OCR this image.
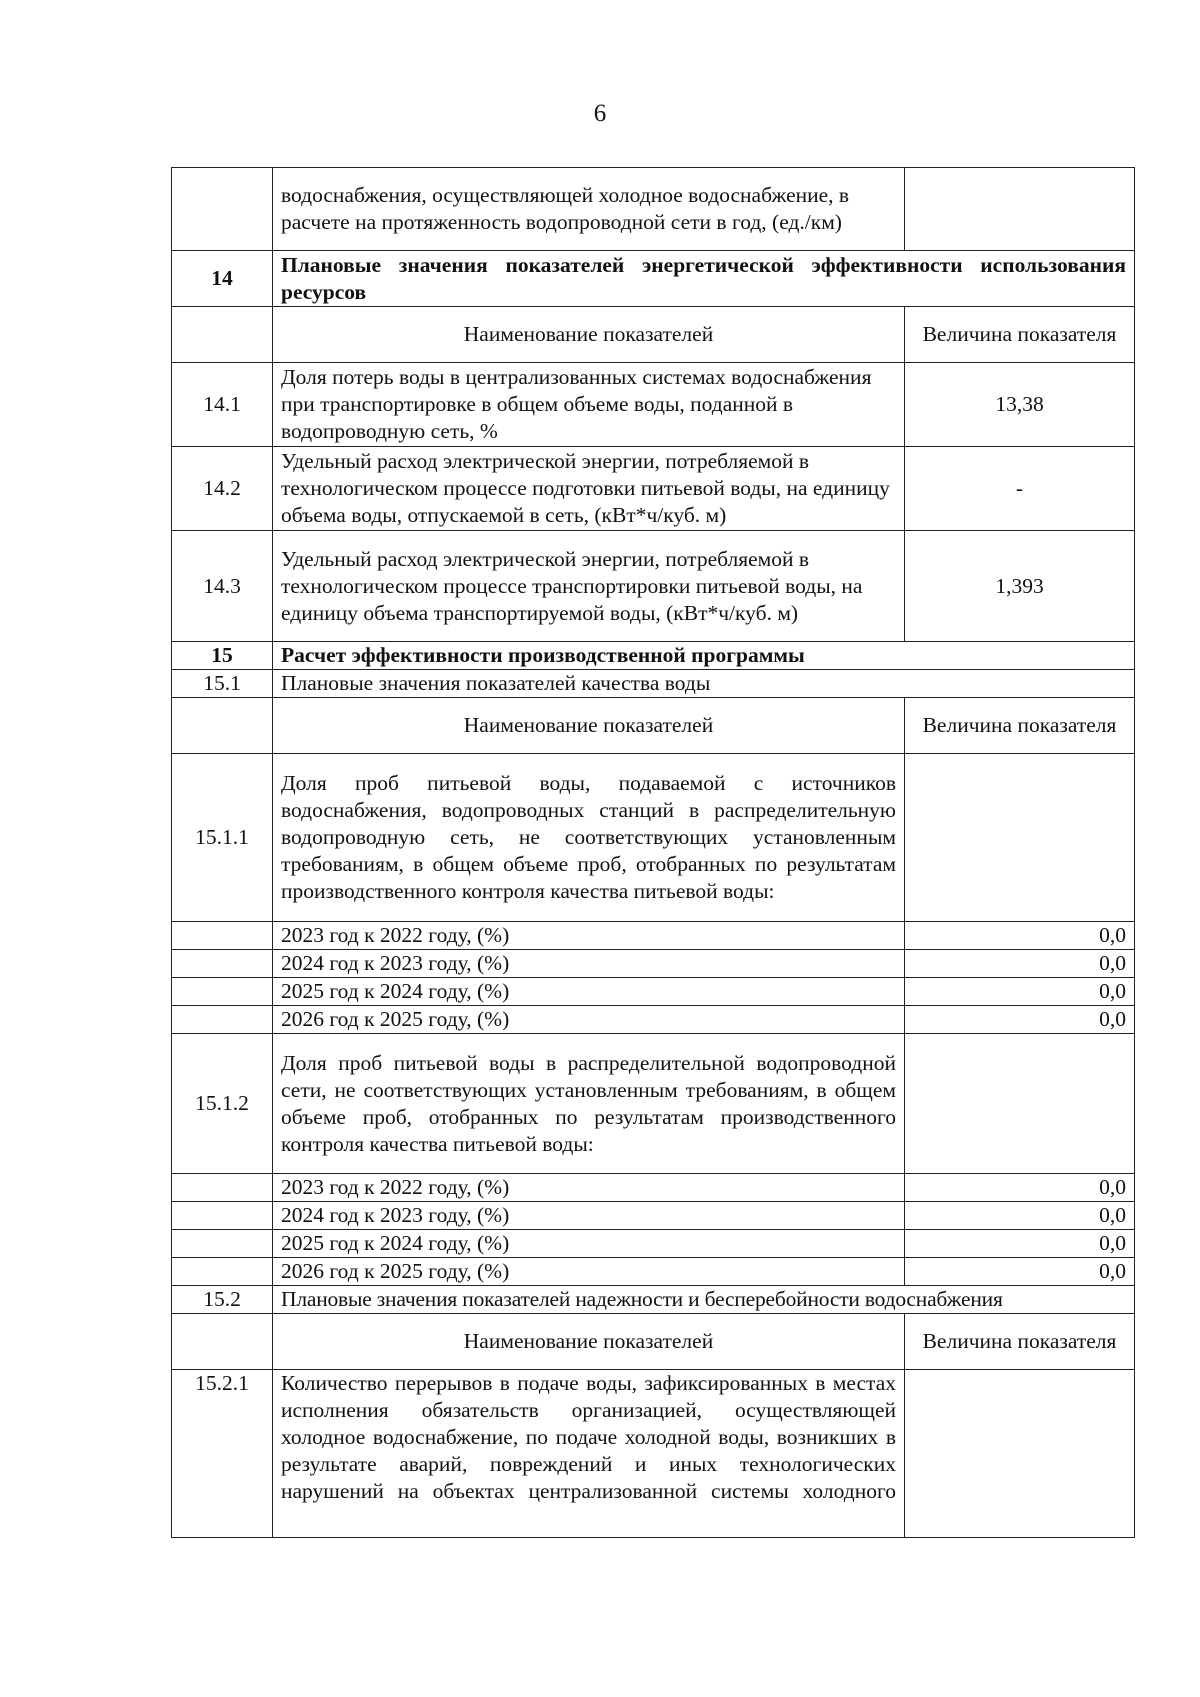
6
	водоснабжения, осуществляющей холодное водоснабжение, в расчете на протяженность водопроводной сети в год, (ед./км)	
14	Плановые значения показателей энергетической эффективности использования ресурсов	
	Наименование показателей	Величина показателя
14.1	Доля потерь воды в централизованных системах водоснабжения при транспортировке в общем объеме воды, поданной в водопроводную сеть, %	13,38
14.2	Удельный расход электрической энергии, потребляемой в технологическом процессе подготовки питьевой воды, на единицу объема воды, отпускаемой в сеть, (кВт*ч/куб. м)	-
14.3	Удельный расход электрической энергии, потребляемой в технологическом процессе транспортировки питьевой воды, на единицу объема транспортируемой воды, (кВт*ч/куб. м)	1,393
15	Расчет эффективности производственной программы	
15.1	Плановые значения показателей качества воды	
	Наименование показателей	Величина показателя
15.1.1	Доля проб питьевой воды, подаваемой с источников водоснабжения, водопроводных станций в распределительную водопроводную сеть, не соответствующих установленным требованиям, в общем объеме проб, отобранных по результатам производственного контроля качества питьевой воды:	
	2023 год к 2022 году, (%)	0,0
	2024 год к 2023 году, (%)	0,0
	2025 год к 2024 году, (%)	0,0
	2026 год к 2025 году, (%)	0,0
15.1.2	Доля проб питьевой воды в распределительной водопроводной сети, не соответствующих установленным требованиям, в общем объеме проб, отобранных по результатам производственного контроля качества питьевой воды:	
	2023 год к 2022 году, (%)	0,0
	2024 год к 2023 году, (%)	0,0
	2025 год к 2024 году, (%)	0,0
	2026 год к 2025 году, (%)	0,0
15.2	Плановые значения показателей надежности и бесперебойности водоснабжения	
	Наименование показателей	Величина показателя
15.2.1	Количество перерывов в подаче воды, зафиксированных в местах исполнения обязательств организацией, осуществляющей холодное водоснабжение, по подаче холодной воды, возникших в результате аварий, повреждений и иных технологических нарушений на объектах централизованной системы холодного	
